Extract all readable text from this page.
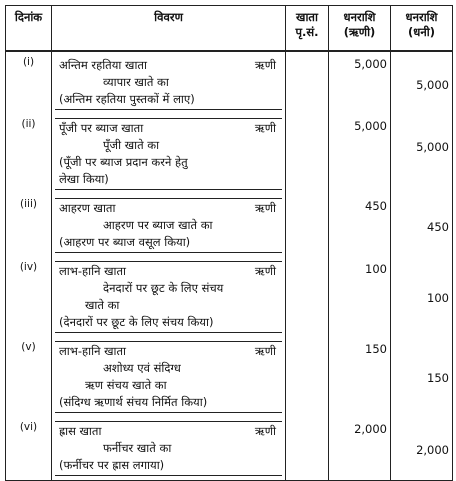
दिनांक	विवरण	खाता पृ.सं.	धनराशि (ऋणी)	धनराशि (धनी)
(i)	अन्तिम रहतिया खाता ऋणी
व्यापार खाते का
(अन्तिम रहतिया पुस्तकों में लाए)		5,000	5,000

(ii)	पूँजी पर ब्याज खाता ऋणी
पूँजी खाते का
(पूँजी पर ब्याज प्रदान करने हेतु
लेखा किया)		5,000	5,000

(iii)	आहरण खाता ऋणी
आहरण पर ब्याज खाते का
(आहरण पर ब्याज वसूल किया)		450	450

(iv)	लाभ-हानि खाता ऋणी
देनदारों पर छूट के लिए संचय
खाते का
(देनदारों पर छूट के लिए संचय किया)		100	100

(v)	लाभ-हानि खाता ऋणी
अशोध्य एवं संदिग्ध
ऋण संचय खाते का
(संदिग्ध ऋणार्थ संचय निर्मित किया)		150	150

(vi)	ह्रास खाता ऋणी
फर्नीचर खाते का
(फर्नीचर पर ह्रास लगाया)		2,000	2,000
